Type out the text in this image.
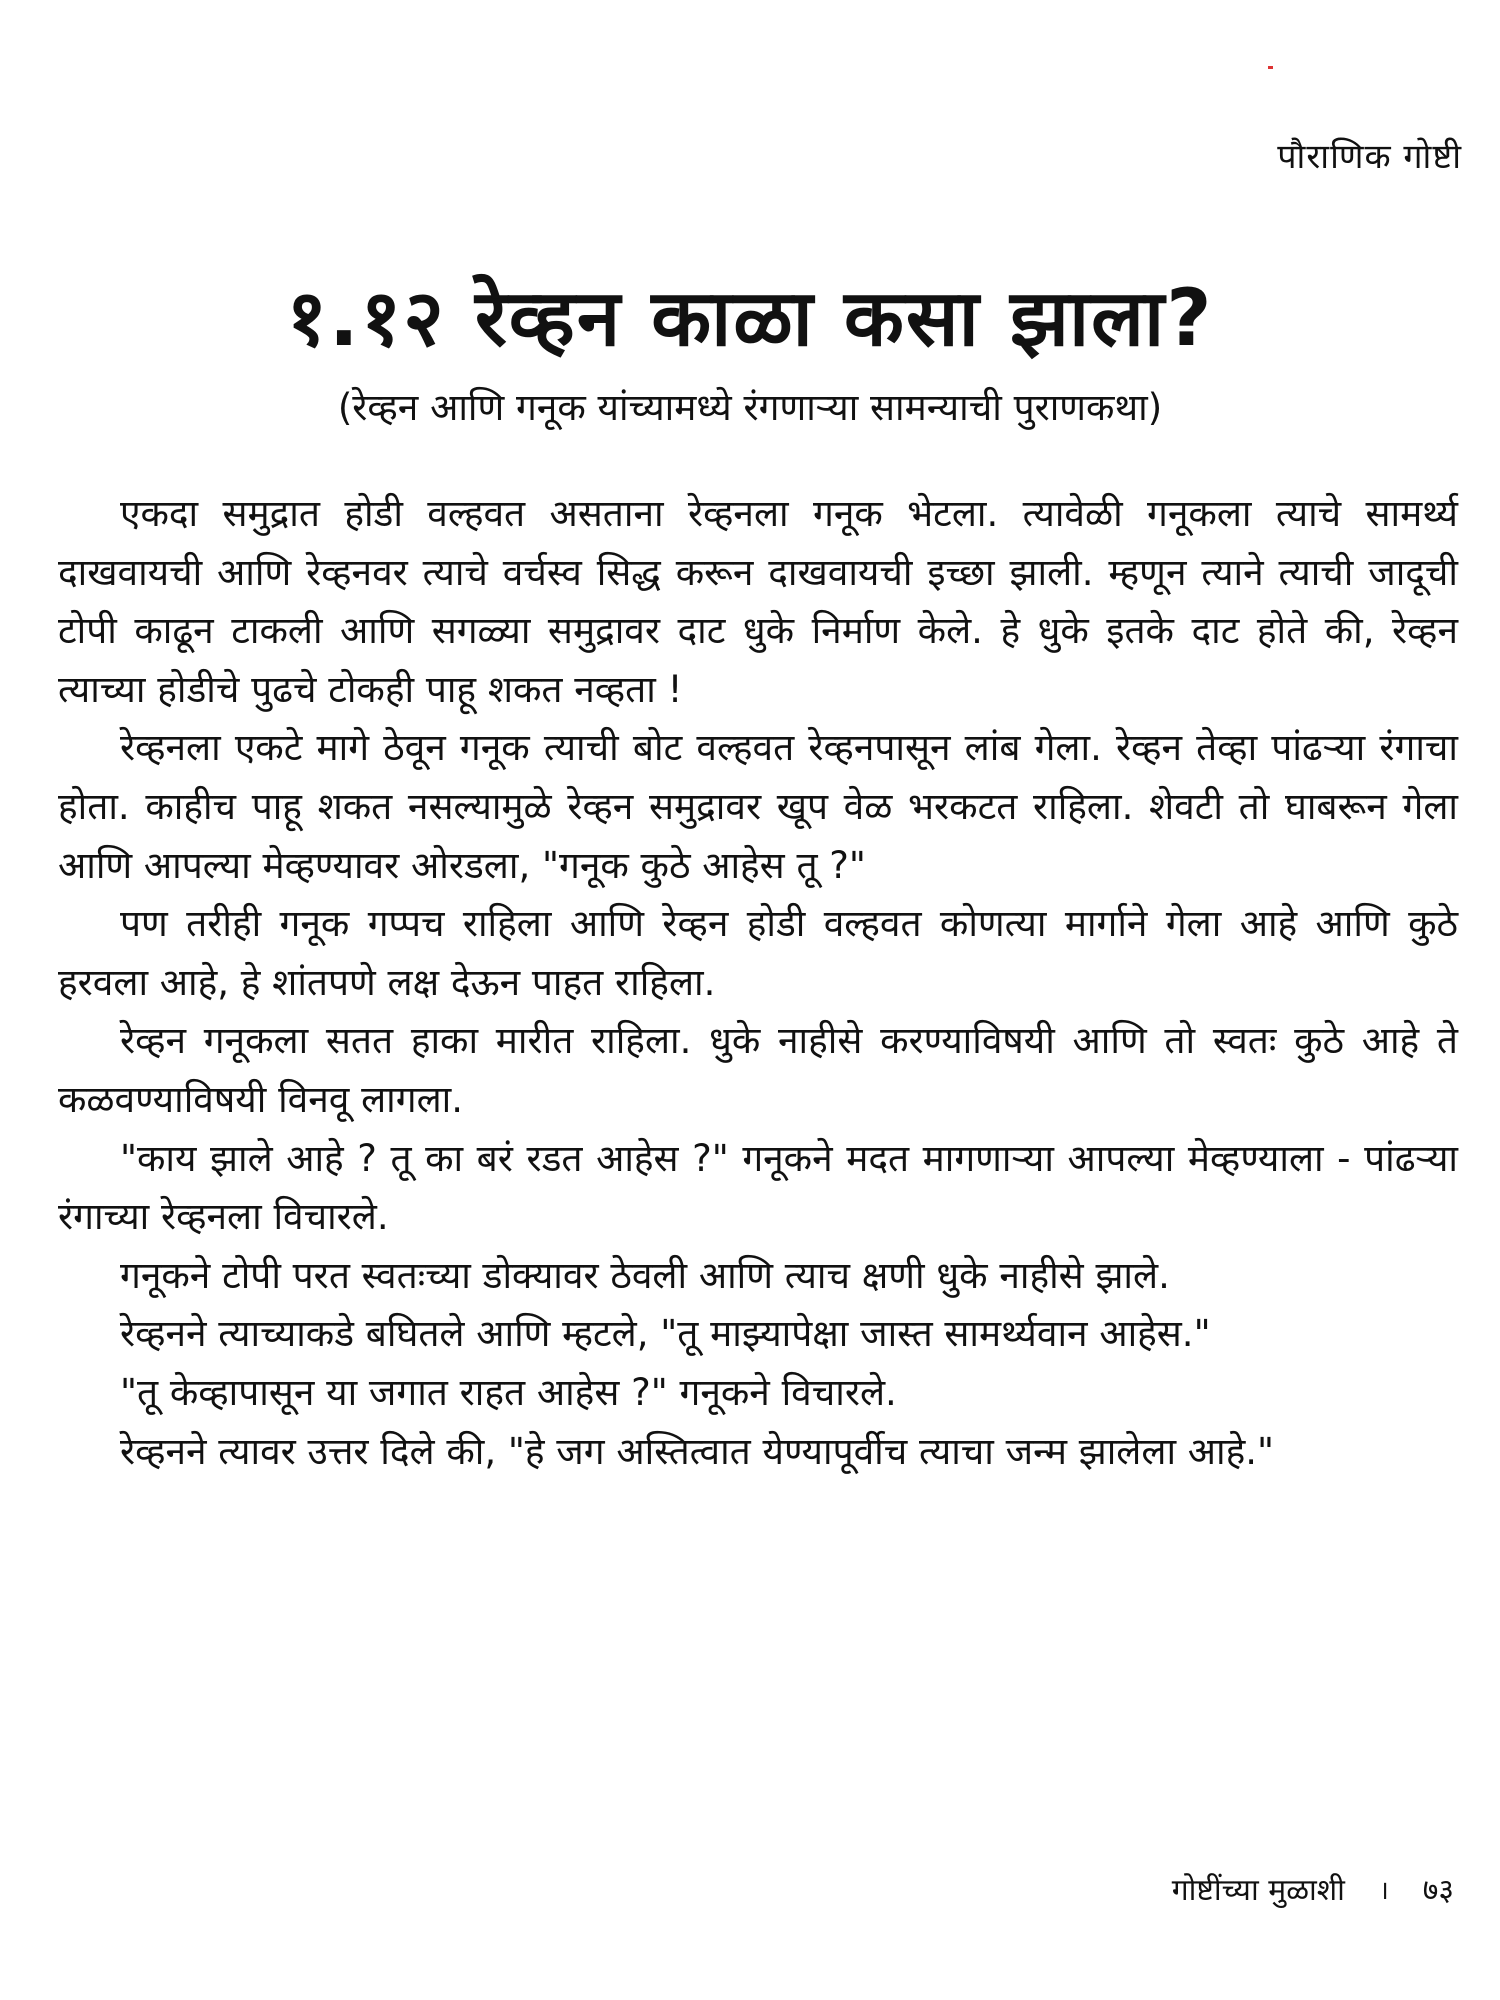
पौराणिक गोष्टी
१.१२ रेव्हन काळा कसा झाला?
(रेव्हन आणि गनूक यांच्यामध्ये रंगणाऱ्या सामन्याची पुराणकथा)

एकदा समुद्रात होडी वल्हवत असताना रेव्हनला गनूक भेटला. त्यावेळी गनूकला त्याचे सामर्थ्य दाखवायची आणि रेव्हनवर त्याचे वर्चस्व सिद्ध करून दाखवायची इच्छा झाली. म्हणून त्याने त्याची जादूची टोपी काढून टाकली आणि सगळ्या समुद्रावर दाट धुके निर्माण केले. हे धुके इतके दाट होते की, रेव्हन त्याच्या होडीचे पुढचे टोकही पाहू शकत नव्हता !

रेव्हनला एकटे मागे ठेवून गनूक त्याची बोट वल्हवत रेव्हनपासून लांब गेला. रेव्हन तेव्हा पांढऱ्या रंगाचा होता. काहीच पाहू शकत नसल्यामुळे रेव्हन समुद्रावर खूप वेळ भरकटत राहिला. शेवटी तो घाबरून गेला आणि आपल्या मेव्हण्यावर ओरडला, "गनूक कुठे आहेस तू ?"

पण तरीही गनूक गप्पच राहिला आणि रेव्हन होडी वल्हवत कोणत्या मार्गाने गेला आहे आणि कुठे हरवला आहे, हे शांतपणे लक्ष देऊन पाहत राहिला.

रेव्हन गनूकला सतत हाका मारीत राहिला. धुके नाहीसे करण्याविषयी आणि तो स्वतः कुठे आहे ते कळवण्याविषयी विनवू लागला.

"काय झाले आहे ? तू का बरं रडत आहेस ?" गनूकने मदत मागणाऱ्या आपल्या मेव्हण्याला - पांढऱ्या रंगाच्या रेव्हनला विचारले.

गनूकने टोपी परत स्वतःच्या डोक्यावर ठेवली आणि त्याच क्षणी धुके नाहीसे झाले.

रेव्हनने त्याच्याकडे बघितले आणि म्हटले, "तू माझ्यापेक्षा जास्त सामर्थ्यवान आहेस."

"तू केव्हापासून या जगात राहत आहेस ?" गनूकने विचारले.

रेव्हनने त्यावर उत्तर दिले की, "हे जग अस्तित्वात येण्यापूर्वीच त्याचा जन्म झालेला आहे."

गोष्टींच्या मुळाशी । ७३
